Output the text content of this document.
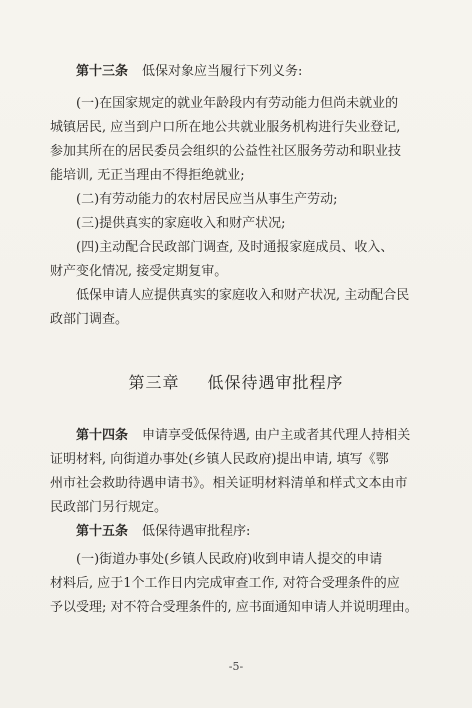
第十三条 低保对象应当履行下列义务:
(一)在国家规定的就业年龄段内有劳动能力但尚未就业的
城镇居民, 应当到户口所在地公共就业服务机构进行失业登记,
参加其所在的居民委员会组织的公益性社区服务劳动和职业技
能培训, 无正当理由不得拒绝就业;
(二)有劳动能力的农村居民应当从事生产劳动;
(三)提供真实的家庭收入和财产状况;
(四)主动配合民政部门调查, 及时通报家庭成员、收入、
财产变化情况, 接受定期复审。
低保申请人应提供真实的家庭收入和财产状况, 主动配合民
政部门调查。
第三章 低保待遇审批程序
第十四条 申请享受低保待遇, 由户主或者其代理人持相关
证明材料, 向街道办事处(乡镇人民政府)提出申请, 填写《鄂
州市社会救助待遇申请书》。相关证明材料清单和样式文本由市
民政部门另行规定。
第十五条 低保待遇审批程序:
(一)街道办事处(乡镇人民政府)收到申请人提交的申请
材料后, 应于1个工作日内完成审查工作, 对符合受理条件的应
予以受理; 对不符合受理条件的, 应书面通知申请人并说明理由。
-5-
